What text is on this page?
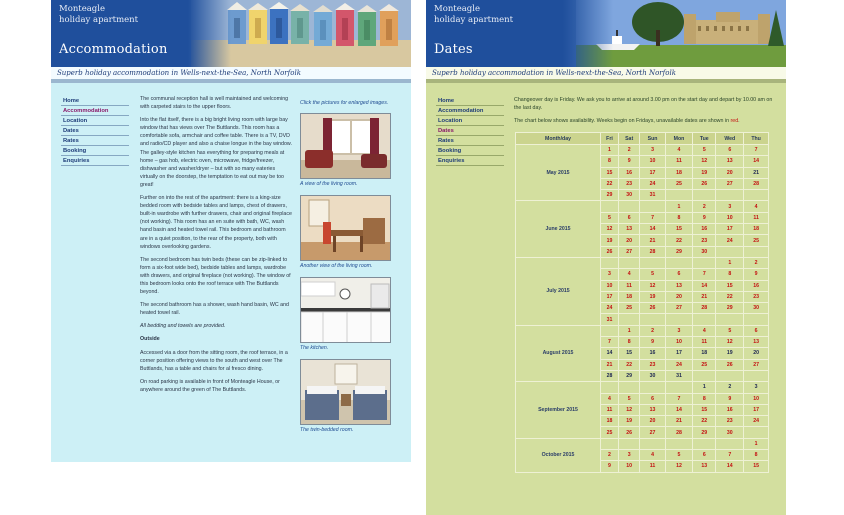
Monteagle
holiday apartment
Accommodation
Superb holiday accommodation in Wells-next-the-Sea, North Norfolk
Home
Accommodation
Location
Dates
Rates
Booking
Enquiries

The communal reception hall is well maintained and welcoming with carpeted stairs to the upper floors.

Into the flat itself, there is a big bright living room with large bay window that has views over The Buttlands. This room has a comfortable sofa, armchair and coffee table. There is a TV, DVD and radio/CD player and also a chaise longue in the bay window. The galley-style kitchen has everything for preparing meals at home – gas hob, electric oven, microwave, fridge/freezer, dishwasher and washer/dryer – but with so many eateries virtually on the doorstep, the temptation to eat out may be too great!

Further on into the rest of the apartment: there is a king-size bedded room with bedside tables and lamps, chest of drawers, built-in wardrobe with further drawers, chair and original fireplace (not working). This room has an en suite with bath, WC, wash hand basin and heated towel rail. This bedroom and bathroom are in a quiet position, to the rear of the property, both with windows overlooking gardens.

The second bedroom has twin beds (these can be zip-linked to form a six-foot wide bed), bedside tables and lamps, wardrobe with drawers, and original fireplace (not working). The window of this bedroom looks onto the roof terrace with The Buttlands beyond.

The second bathroom has a shower, wash hand basin, WC and heated towel rail.

All bedding and towels are provided.

Outside

Accessed via a door from the sitting room, the roof terrace, in a corner position offering views to the south and west over The Buttlands, has a table and chairs for al fresco dining.

On road parking is available in front of Monteagle House, or anywhere around the green of The Buttlands.

Click the pictures for enlarged images.
A view of the living room.
Another view of the living room.
The kitchen.
The twin-bedded room.
Monteagle
holiday apartment
Dates
Superb holiday accommodation in Wells-next-the-Sea, North Norfolk
Home
Accommodation
Location
Dates
Rates
Booking
Enquiries

Changeover day is Friday. We ask you to arrive at around 3.00 pm on the start day and depart by 10.00 am on the last day.

The chart below shows availability. Weeks begin on Fridays, unavailable dates are shown in red.

Month/day	Fri	Sat	Sun	Mon	Tue	Wed	Thu
May 2015	1	2	3	4	5	6	7
	8	9	10	11	12	13	14
	15	16	17	18	19	20	21
	22	23	24	25	26	27	28
	29	30	31				
June 2015				1	2	3	4
	5	6	7	8	9	10	11
	12	13	14	15	16	17	18
	19	20	21	22	23	24	25
	26	27	28	29	30		
July 2015						1	2
	3	4	5	6	7	8	9
	10	11	12	13	14	15	16
	17	18	19	20	21	22	23
	24	25	26	27	28	29	30
	31						
August 2015		1	2	3	4	5	6
	7	8	9	10	11	12	13
	14	15	16	17	18	19	20
	21	22	23	24	25	26	27
	28	29	30	31			
September 2015					1	2	3
	4	5	6	7	8	9	10
	11	12	13	14	15	16	17
	18	19	20	21	22	23	24
	25	26	27	28	29	30	
October 2015							1
	2	3	4	5	6	7	8
	9	10	11	12	13	14	15
